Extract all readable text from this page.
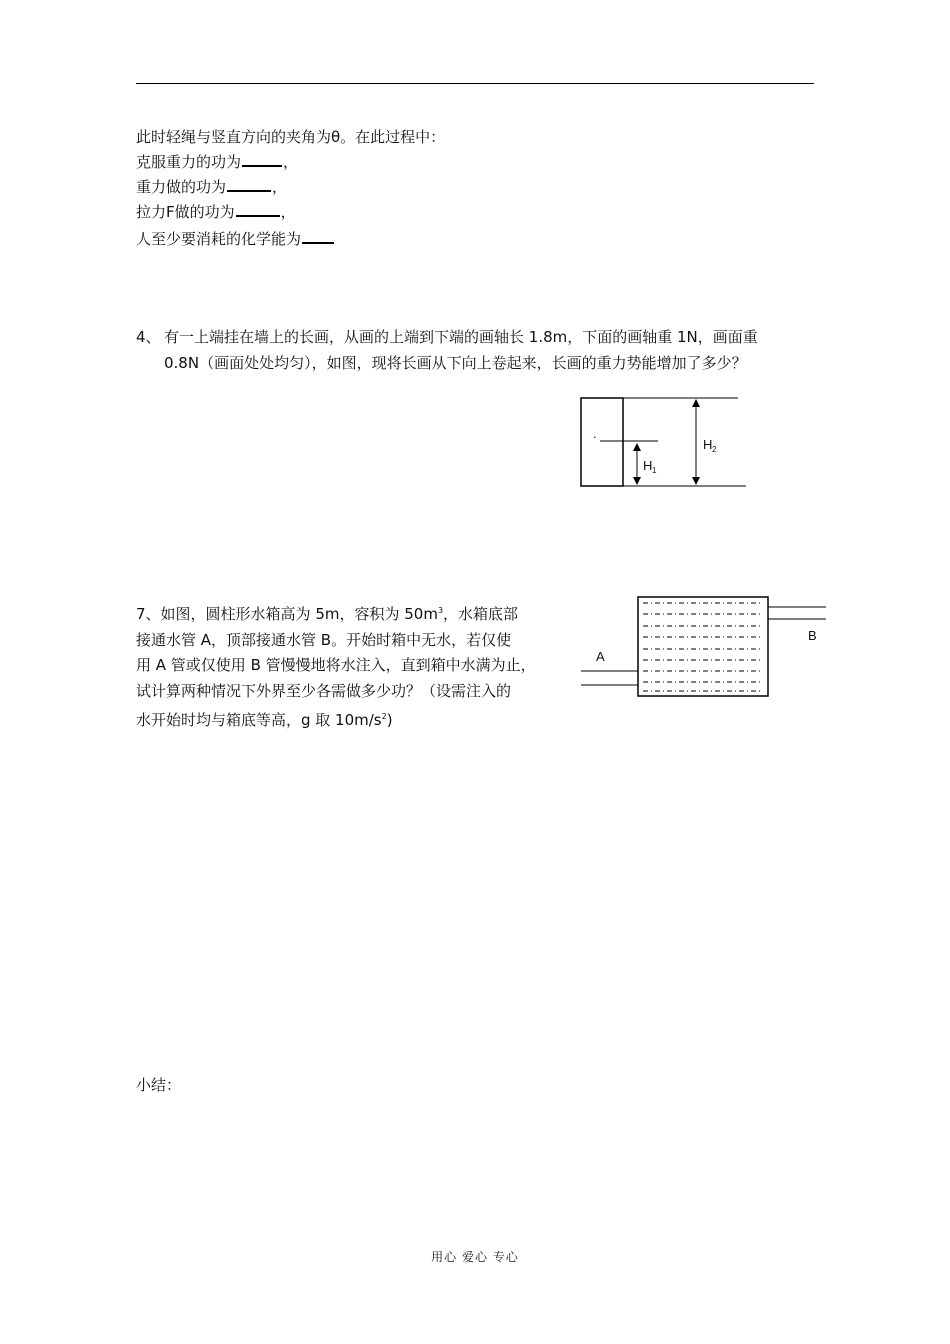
此时轻绳与竖直方向的夹角为θ。在此过程中：
克服重力的功为	，
重力做的功为	，
拉力F做的功为	，
人至少要消耗的化学能为
4、 有一上端挂在墙上的长画，从画的上端到下端的画轴长 1.8m，下面的画轴重 1N，画面重
0.8N（画面处处均匀），如图，现将长画从下向上卷起来，长画的重力势能增加了多少？
.
H 1
H 2
7、如图，圆柱形水箱高为 5m，容积为 $50m^3$，水箱底部
接通水管 A，顶部接通水管 B。开始时箱中无水，若仅使
用 A 管或仅使用 B 管慢慢地将水注入，直到箱中水满为止，
试计算两种情况下外界至少各需做多少功？（设需注入的
水开始时均与箱底等高，g 取 $10m/s^2$)
A
B
小结：
用心 爱心 专心
